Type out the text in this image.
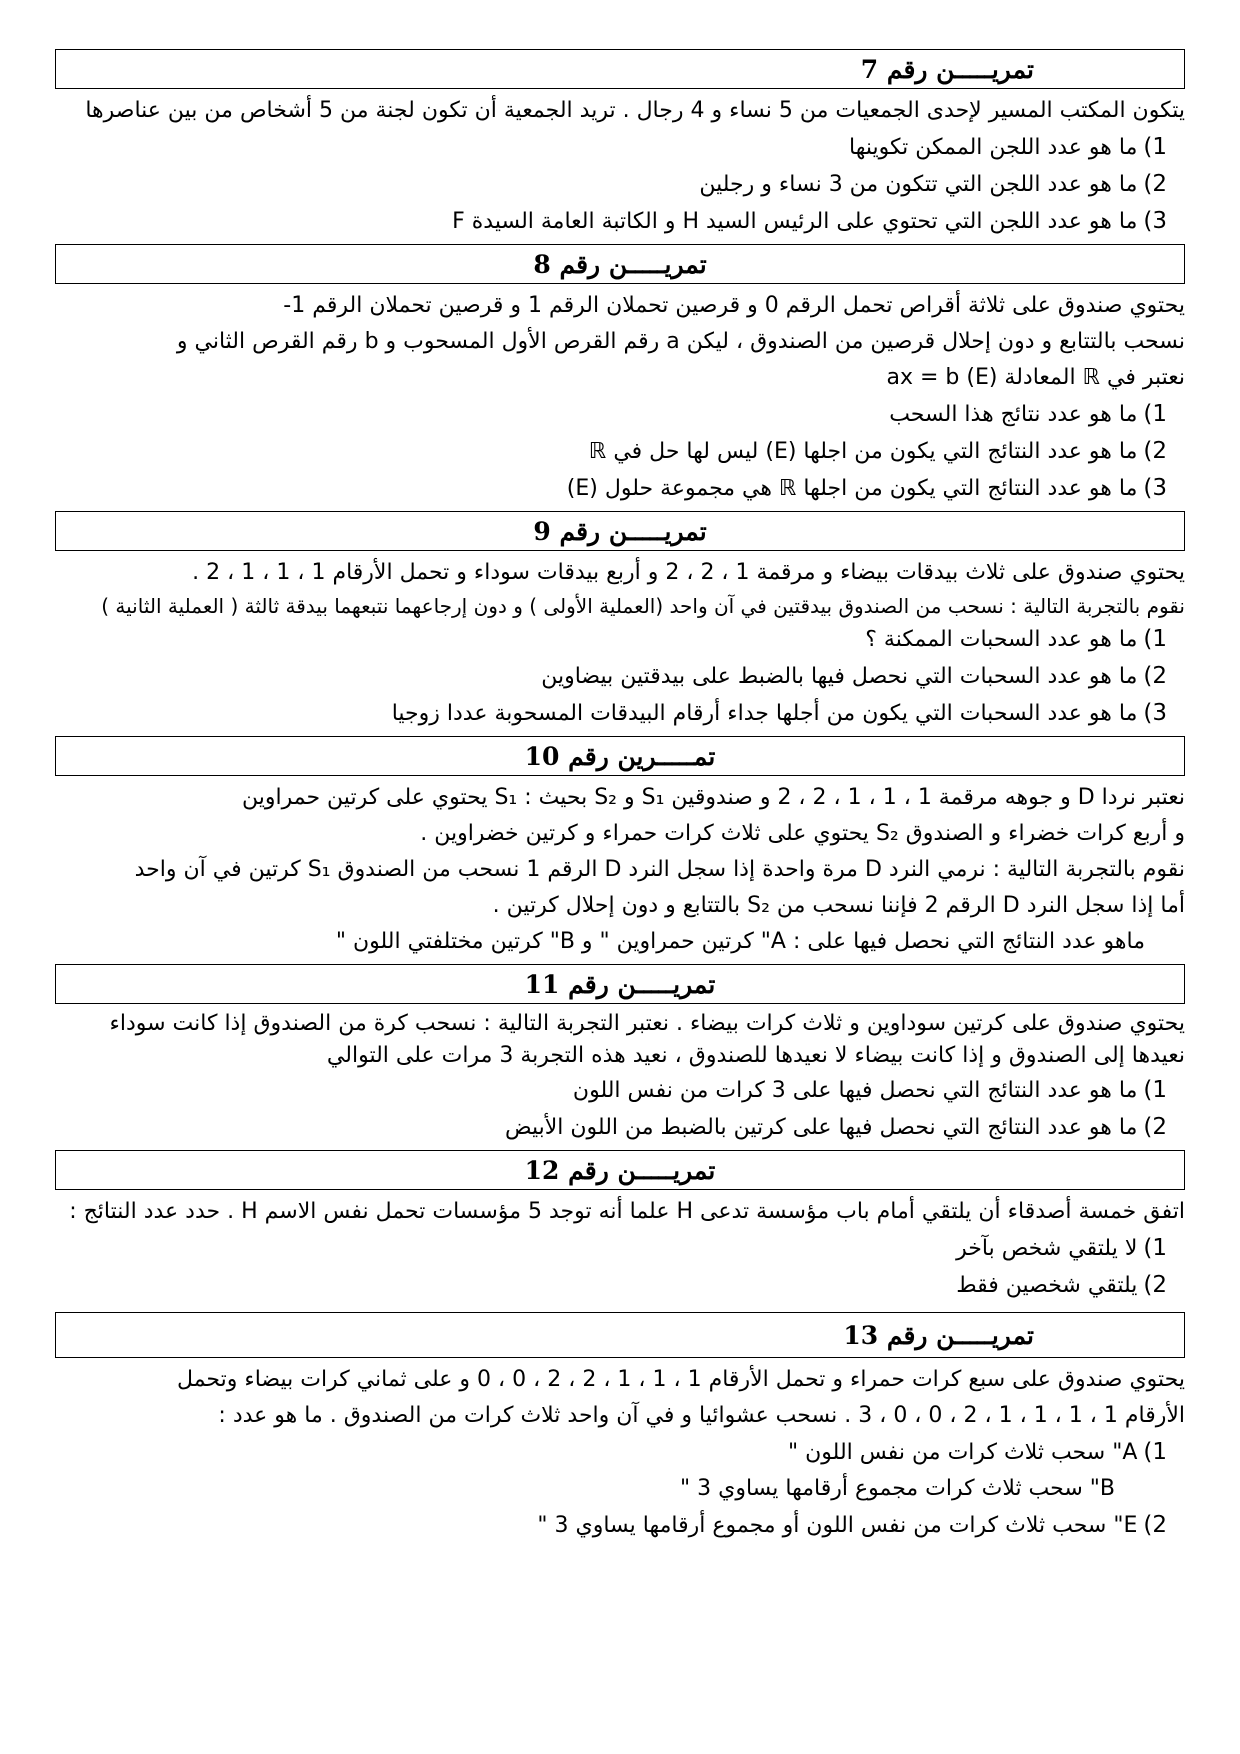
تمريـــــن رقم 7

يتكون المكتب المسير لإحدى الجمعيات من 5 نساء و 4 رجال . تريد الجمعية أن تكون لجنة من 5 أشخاص من بين عناصرها

1)ما هو عدد اللجن الممكن تكوينها

2)ما هو عدد اللجن التي تتكون من 3 نساء و رجلين

3)ما هو عدد اللجن التي تحتوي على الرئيس السيد H و الكاتبة العامة السيدة F

تمريـــــن رقم 8

يحتوي صندوق على ثلاثة أقراص تحمل الرقم 0 و قرصين تحملان الرقم 1 و قرصين تحملان الرقم 1-

نسحب بالتتابع و دون إحلال قرصين من الصندوق ، ليكن a رقم القرص الأول المسحوب و b رقم القرص الثاني و

نعتبر في ℝ المعادلة (E) ax = b

1)ما هو عدد نتائج هذا السحب

2)ما هو عدد النتائج التي يكون من اجلها (E) ليس لها حل في ℝ

3)ما هو عدد النتائج التي يكون من اجلها ℝ هي مجموعة حلول (E)

تمريـــــن رقم 9

يحتوي صندوق على ثلاث بيدقات بيضاء و مرقمة 1 ، 2 ، 2 و أربع بيدقات سوداء و تحمل الأرقام 1 ، 1 ، 1 ، 2 .

نقوم بالتجربة التالية : نسحب من الصندوق بيدقتين في آن واحد (العملية الأولى ) و دون إرجاعهما نتبعهما بيدقة ثالثة ( العملية الثانية )

1)ما هو عدد السحبات الممكنة ؟

2)ما هو عدد السحبات التي نحصل فيها بالضبط على بيدقتين بيضاوين

3)ما هو عدد السحبات التي يكون من أجلها جداء أرقام البيدقات المسحوبة عددا زوجيا

تمـــــرين رقم 10

نعتبر نردا D و جوهه مرقمة 1 ، 1 ، 1 ، 2 ، 2 و صندوقين S₁ و S₂ بحيث : S₁ يحتوي على كرتين حمراوين

و أربع كرات خضراء و الصندوق S₂ يحتوي على ثلاث كرات حمراء و كرتين خضراوين .

نقوم بالتجربة التالية : نرمي النرد D مرة واحدة إذا سجل النرد D الرقم 1 نسحب من الصندوق S₁ كرتين في آن واحد

أما إذا سجل النرد D الرقم 2 فإننا نسحب من S₂ بالتتابع و دون إحلال كرتين .

ماهو عدد النتائج التي نحصل فيها على : A" كرتين حمراوين " و B" كرتين مختلفتي اللون "

تمريـــــن رقم 11

يحتوي صندوق على كرتين سوداوين و ثلاث كرات بيضاء . نعتبر التجربة التالية : نسحب كرة من الصندوق إذا كانت سوداء نعيدها إلى الصندوق و إذا كانت بيضاء لا نعيدها للصندوق ، نعيد هذه التجربة 3 مرات على التوالي

1)ما هو عدد النتائج التي نحصل فيها على 3 كرات من نفس اللون

2)ما هو عدد النتائج التي نحصل فيها على كرتين بالضبط من اللون الأبيض

تمريـــــن رقم 12

اتفق خمسة أصدقاء أن يلتقي أمام باب مؤسسة تدعى H علما أنه توجد 5 مؤسسات تحمل نفس الاسم H . حدد عدد النتائج :

1)لا يلتقي شخص بآخر

2)يلتقي شخصين فقط

تمريـــــن رقم 13

يحتوي صندوق على سبع كرات حمراء و تحمل الأرقام 1 ، 1 ، 1 ، 2 ، 2 ، 0 ، 0 و على ثماني كرات بيضاء وتحمل

الأرقام 1 ، 1 ، 1 ، 1 ، 2 ، 0 ، 0 ، 3 . نسحب عشوائيا و في آن واحد ثلاث كرات من الصندوق . ما هو عدد :

1)A" سحب ثلاث كرات من نفس اللون "

B" سحب ثلاث كرات مجموع أرقامها يساوي 3 "

2)E" سحب ثلاث كرات من نفس اللون أو مجموع أرقامها يساوي 3 "
